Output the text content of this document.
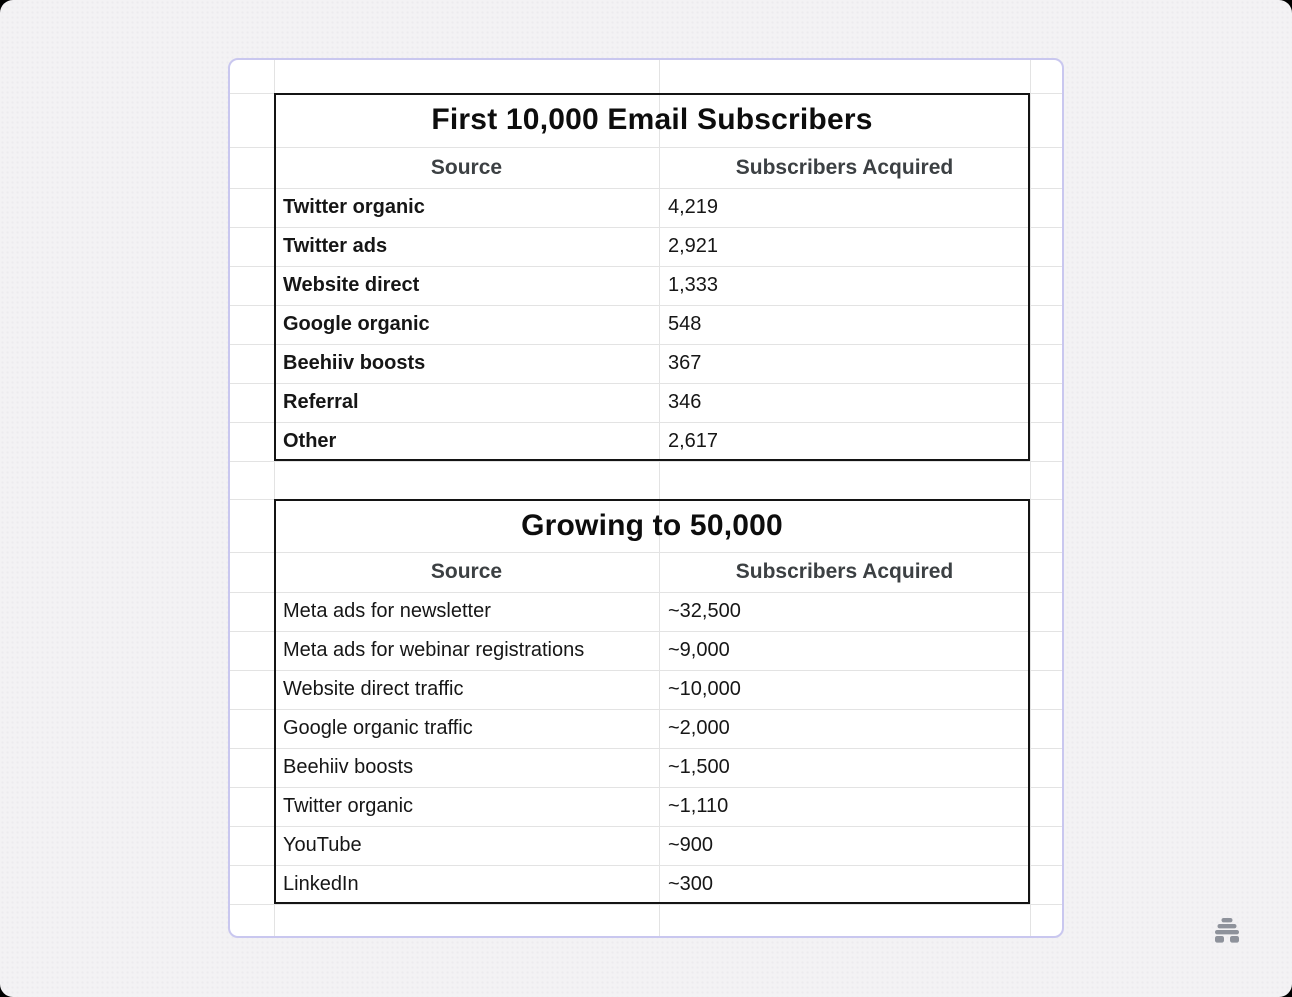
First 10,000 Email Subscribers
Source	Subscribers Acquired
Twitter organic	4,219
Twitter ads	2,921
Website direct	1,333
Google organic	548
Beehiiv boosts	367
Referral	346
Other	2,617
Growing to 50,000
Source	Subscribers Acquired
Meta ads for newsletter	~32,500
Meta ads for webinar registrations	~9,000
Website direct traffic	~10,000
Google organic traffic	~2,000
Beehiiv boosts	~1,500
Twitter organic	~1,110
YouTube	~900
LinkedIn	~300
